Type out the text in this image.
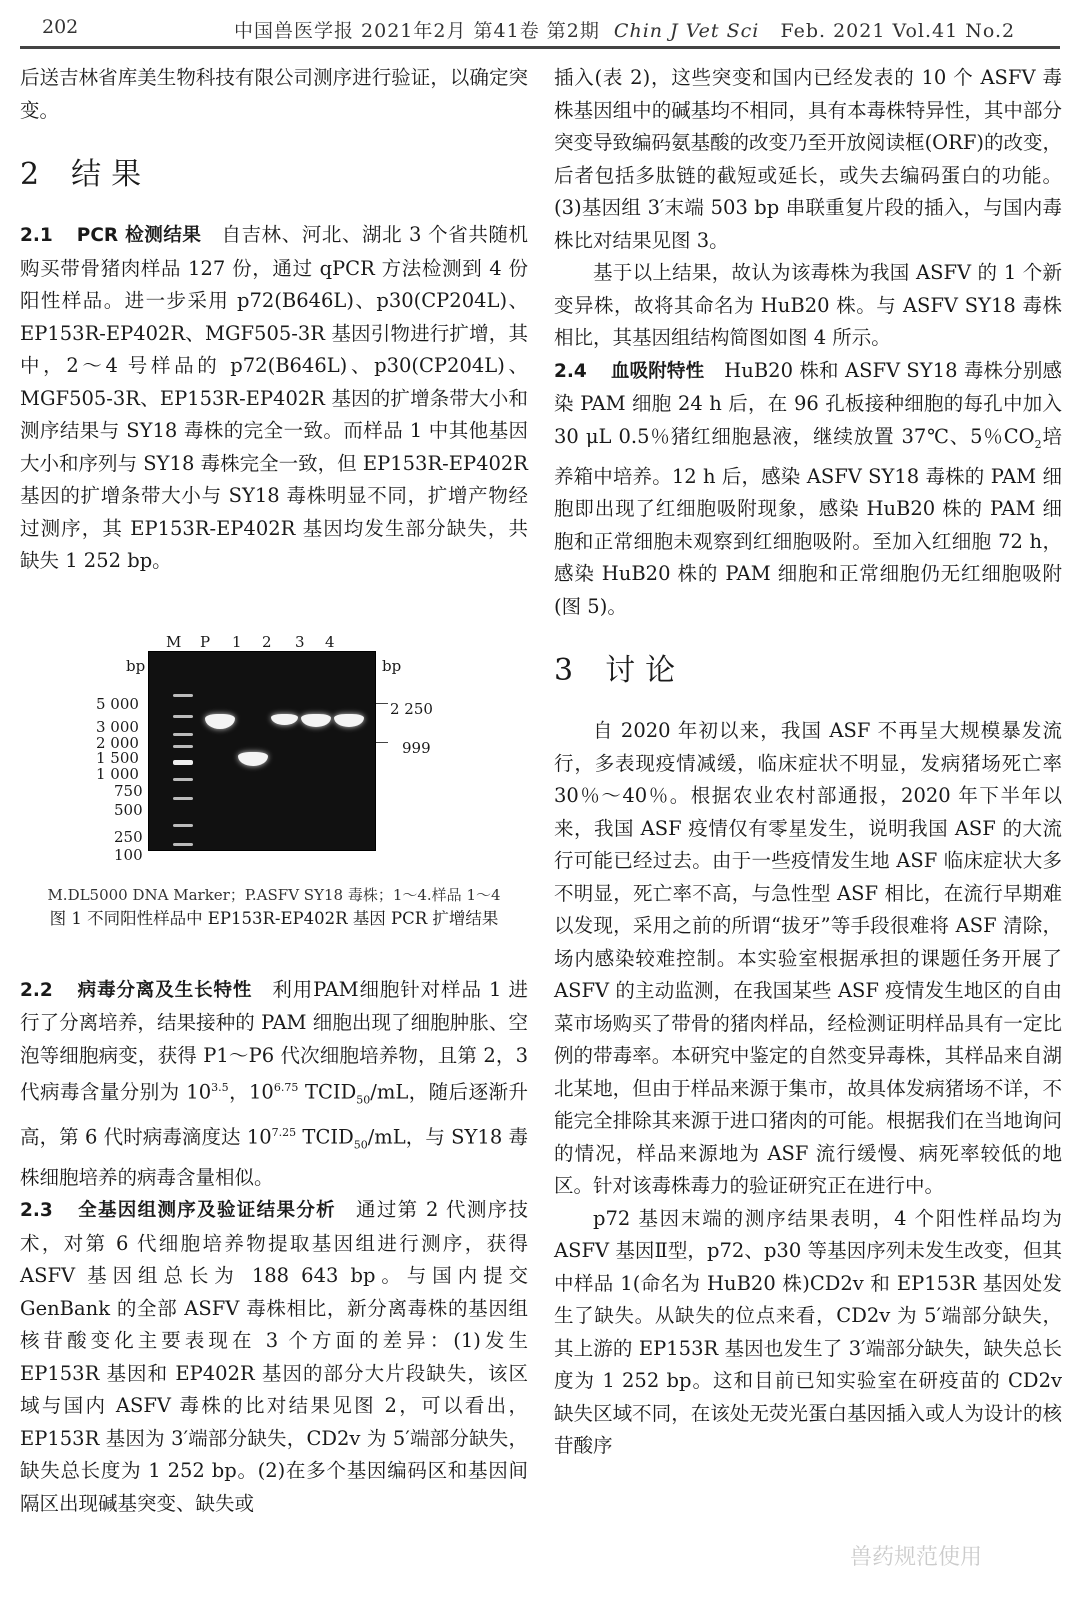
202	中国兽医学报 2021年2月 第41卷 第2期 Chin J Vet Sci Feb. 2021 Vol.41 No.2

后送吉林省库美生物科技有限公司测序进行验证，以确定突变。

2 结果

2.1 PCR 检测结果 自吉林、河北、湖北 3 个省共随机购买带骨猪肉样品 127 份，通过 qPCR 方法检测到 4 份阳性样品。进一步采用 p72(B646L)、p30(CP204L)、EP153R-EP402R、MGF505-3R 基因引物进行扩增，其中，2～4 号样品的 p72(B646L)、p30(CP204L)、MGF505-3R、EP153R-EP402R 基因的扩增条带大小和测序结果与 SY18 毒株的完全一致。而样品 1 中其他基因大小和序列与 SY18 毒株完全一致，但 EP153R-EP402R 基因的扩增条带大小与 SY18 毒株明显不同，扩增产物经过测序，其 EP153R-EP402R 基因均发生部分缺失，共缺失 1 252 bp。

M P 1 2 3 4
bp	bp
5 000
3 000
2 000
1 500
1 000
750
500
250
100
2 250
999
M.DL5000 DNA Marker；P.ASFV SY18 毒株；1～4.样品 1～4
图 1 不同阳性样品中 EP153R-EP402R 基因 PCR 扩增结果

2.2 病毒分离及生长特性 利用PAM细胞针对样品 1 进行了分离培养，结果接种的 PAM 细胞出现了细胞肿胀、空泡等细胞病变，获得 P1～P6 代次细胞培养物，且第 2，3 代病毒含量分别为 $10^{3.5}$，$10^{6.75}$ $TCID_{50}/mL$，随后逐渐升高，第 6 代时病毒滴度达 $10^{7.25}$ $TCID_{50}/mL$，与 SY18 毒株细胞培养的病毒含量相似。

2.3 全基因组测序及验证结果分析 通过第 2 代测序技术，对第 6 代细胞培养物提取基因组进行测序，获得 ASFV 基因组总长为 188 643 bp。与国内提交 GenBank 的全部 ASFV 毒株相比，新分离毒株的基因组核苷酸变化主要表现在 3 个方面的差异：(1)发生 EP153R 基因和 EP402R 基因的部分大片段缺失，该区域与国内 ASFV 毒株的比对结果见图 2，可以看出，EP153R 基因为 3′端部分缺失，CD2v 为 5′端部分缺失，缺失总长度为 1 252 bp。(2)在多个基因编码区和基因间隔区出现碱基突变、缺失或

插入(表 2)，这些突变和国内已经发表的 10 个 ASFV 毒株基因组中的碱基均不相同，具有本毒株特异性，其中部分突变导致编码氨基酸的改变乃至开放阅读框(ORF)的改变，后者包括多肽链的截短或延长，或失去编码蛋白的功能。(3)基因组 3′末端 503 bp 串联重复片段的插入，与国内毒株比对结果见图 3。

基于以上结果，故认为该毒株为我国 ASFV 的 1 个新变异株，故将其命名为 HuB20 株。与 ASFV SY18 毒株相比，其基因组结构简图如图 4 所示。

2.4 血吸附特性 HuB20 株和 ASFV SY18 毒株分别感染 PAM 细胞 24 h 后，在 96 孔板接种细胞的每孔中加入 30 μL 0.5％猪红细胞悬液，继续放置 37℃、5％$CO_2$培养箱中培养。12 h 后，感染 ASFV SY18 毒株的 PAM 细胞即出现了红细胞吸附现象，感染 HuB20 株的 PAM 细胞和正常细胞未观察到红细胞吸附。至加入红细胞 72 h，感染 HuB20 株的 PAM 细胞和正常细胞仍无红细胞吸附(图 5)。

3 讨论

自 2020 年初以来，我国 ASF 不再呈大规模暴发流行，多表现疫情减缓，临床症状不明显，发病猪场死亡率 30％～40％。根据农业农村部通报，2020 年下半年以来，我国 ASF 疫情仅有零星发生，说明我国 ASF 的大流行可能已经过去。由于一些疫情发生地 ASF 临床症状大多不明显，死亡率不高，与急性型 ASF 相比，在流行早期难以发现，采用之前的所谓“拔牙”等手段很难将 ASF 清除，场内感染较难控制。本实验室根据承担的课题任务开展了 ASFV 的主动监测，在我国某些 ASF 疫情发生地区的自由菜市场购买了带骨的猪肉样品，经检测证明样品具有一定比例的带毒率。本研究中鉴定的自然变异毒株，其样品来自湖北某地，但由于样品来源于集市，故具体发病猪场不详，不能完全排除其来源于进口猪肉的可能。根据我们在当地询问的情况，样品来源地为 ASF 流行缓慢、病死率较低的地区。针对该毒株毒力的验证研究正在进行中。

p72 基因末端的测序结果表明，4 个阳性样品均为 ASFV 基因Ⅱ型，p72、p30 等基因序列未发生改变，但其中样品 1(命名为 HuB20 株)CD2v 和 EP153R 基因处发生了缺失。从缺失的位点来看，CD2v 为 5′端部分缺失，其上游的 EP153R 基因也发生了 3′端部分缺失，缺失总长度为 1 252 bp。这和目前已知实验室在研疫苗的 CD2v 缺失区域不同，在该处无荧光蛋白基因插入或人为设计的核苷酸序

兽药规范使用
